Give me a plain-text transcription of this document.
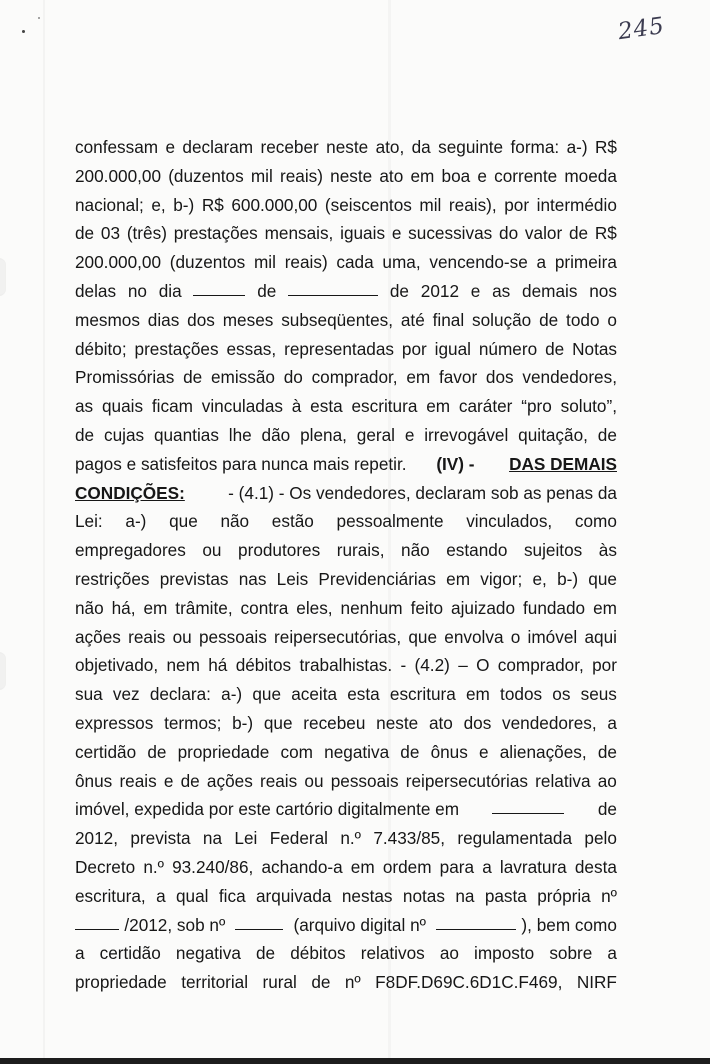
245
confessam e declaram receber neste ato, da seguinte forma: a-) R$
200.000,00 (duzentos mil reais) neste ato em boa e corrente moeda
nacional; e, b-) R$ 600.000,00 (seiscentos mil reais), por intermédio
de 03 (três) prestações mensais, iguais e sucessivas do valor de R$
200.000,00 (duzentos mil reais) cada uma, vencendo-se a primeira
delas no dia	de	de 2012 e as demais nos
mesmos dias dos meses subseqüentes, até final solução de todo o
débito; prestações essas, representadas por igual número de Notas
Promissórias de emissão do comprador, em favor dos vendedores,
as quais ficam vinculadas à esta escritura em caráter “pro soluto”,
de cujas quantias lhe dão plena, geral e irrevogável quitação, de
pagos e satisfeitos para nunca mais repetir. (IV) - DAS DEMAIS
CONDIÇÕES: - (4.1) - Os vendedores, declaram sob as penas da
Lei: a-) que não estão pessoalmente vinculados, como
empregadores ou produtores rurais, não estando sujeitos às
restrições previstas nas Leis Previdenciárias em vigor; e, b-) que
não há, em trâmite, contra eles, nenhum feito ajuizado fundado em
ações reais ou pessoais reipersecutórias, que envolva o imóvel aqui
objetivado, nem há débitos trabalhistas. - (4.2) – O comprador, por
sua vez declara: a-) que aceita esta escritura em todos os seus
expressos termos; b-) que recebeu neste ato dos vendedores, a
certidão de propriedade com negativa de ônus e alienações, de
ônus reais e de ações reais ou pessoais reipersecutórias relativa ao
imóvel, expedida por este cartório digitalmente em	de
2012, prevista na Lei Federal n.º 7.433/85, regulamentada pelo
Decreto n.º 93.240/86, achando-a em ordem para a lavratura desta
escritura, a qual fica arquivada nestas notas na pasta própria nº
/2012, sob nº	(arquivo digital nº	), bem como
a certidão negativa de débitos relativos ao imposto sobre a
propriedade territorial rural de nº F8DF.D69C.6D1C.F469, NIRF
